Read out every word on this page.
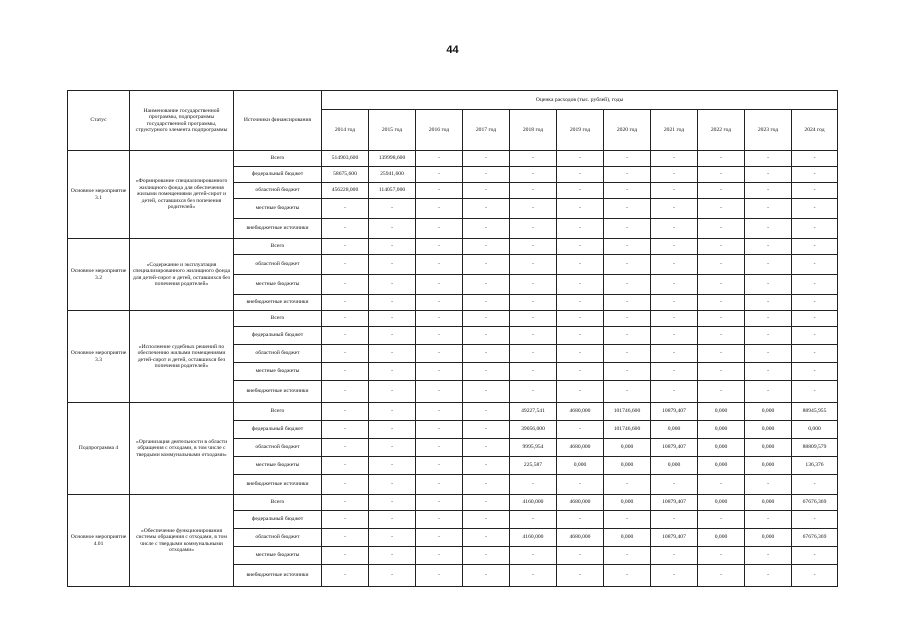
44
Статус	Наименование государственной программы, подпрограммы государственной программы, структурного элемента подпрограммы	Источники финансирования	Оценка расходов (тыс. рублей), годы										
			2014 год	2015 год	2016 год	2017 год	2018 год	2019 год	2020 год	2021 год	2022 год	2023 год	2024 год
Основное мероприятие 3.1	«Формирование специализированного жилищного фонда для обеспечения жилыми помещениями детей-сирот и детей, оставшихся без попечения родителей»	Всего	514903,600	139998,600	-	-	-	-	-	-	-	-	-
		федеральный бюджет	58675,600	25941,600	-	-	-	-	-	-	-	-	-
		областной бюджет	456228,000	114057,000	-	-	-	-	-	-	-	-	-
		местные бюджеты	-	-	-	-	-	-	-	-	-	-	-
		внебюджетные источники	-	-	-	-	-	-	-	-	-	-	-
Основное мероприятие 3.2	«Содержание и эксплуатация специализированного жилищного фонда для детей-сирот и детей, оставшихся без попечения родителей»	Всего	-	-	-	-	-	-	-	-	-	-	-
		областной бюджет	-	-	-	-	-	-	-	-	-	-	-
		местные бюджеты	-	-	-	-	-	-	-	-	-	-	-
		внебюджетные источники	-	-	-	-	-	-	-	-	-	-	-
Основное мероприятие 3.3	«Исполнение судебных решений по обеспечению жилыми помещениями детей-сирот и детей, оставшихся без попечения родителей»	Всего	-	-	-	-	-	-	-	-	-	-	-
		федеральный бюджет	-	-	-	-	-	-	-	-	-	-	-
		областной бюджет	-	-	-	-	-	-	-	-	-	-	-
		местные бюджеты	-	-	-	-	-	-	-	-	-	-	-
		внебюджетные источники	-	-	-	-	-	-	-	-	-	-	-
Подпрограмма 4	«Организация деятельности в области обращения с отходами, в том числе с твердыми коммунальными отходами»	Всего	-	-	-	-	49227,541	4680,000	101746,600	10879,407	0,000	0,000	88945,955
		федеральный бюджет	-	-	-	-	39056,000	-	101746,600	0,000	0,000	0,000	0,000
		областной бюджет	-	-	-	-	9995,954	4680,000	0,000	10879,407	0,000	0,000	88809,579
		местные бюджеты	-	-	-	-	225,587	0,000	0,000	0,000	0,000	0,000	136,376
		внебюджетные источники	-	-	-	-	-	-	-	-	-	-	-
Основное мероприятие 4.01	«Обеспечение функционирования системы обращения с отходами, в том числе с твердыми коммунальными отходами»	Всего	-	-	-	-	4160,000	4680,000	0,000	10879,407	0,000	0,000	67676,369
		федеральный бюджет	-	-	-	-	-	-	-	-	-	-	-
		областной бюджет	-	-	-	-	4160,000	4680,000	0,000	10879,407	0,000	0,000	67676,369
		местные бюджеты	-	-	-	-	-	-	-	-	-	-	-
		внебюджетные источники	-	-	-	-	-	-	-	-	-	-	-
